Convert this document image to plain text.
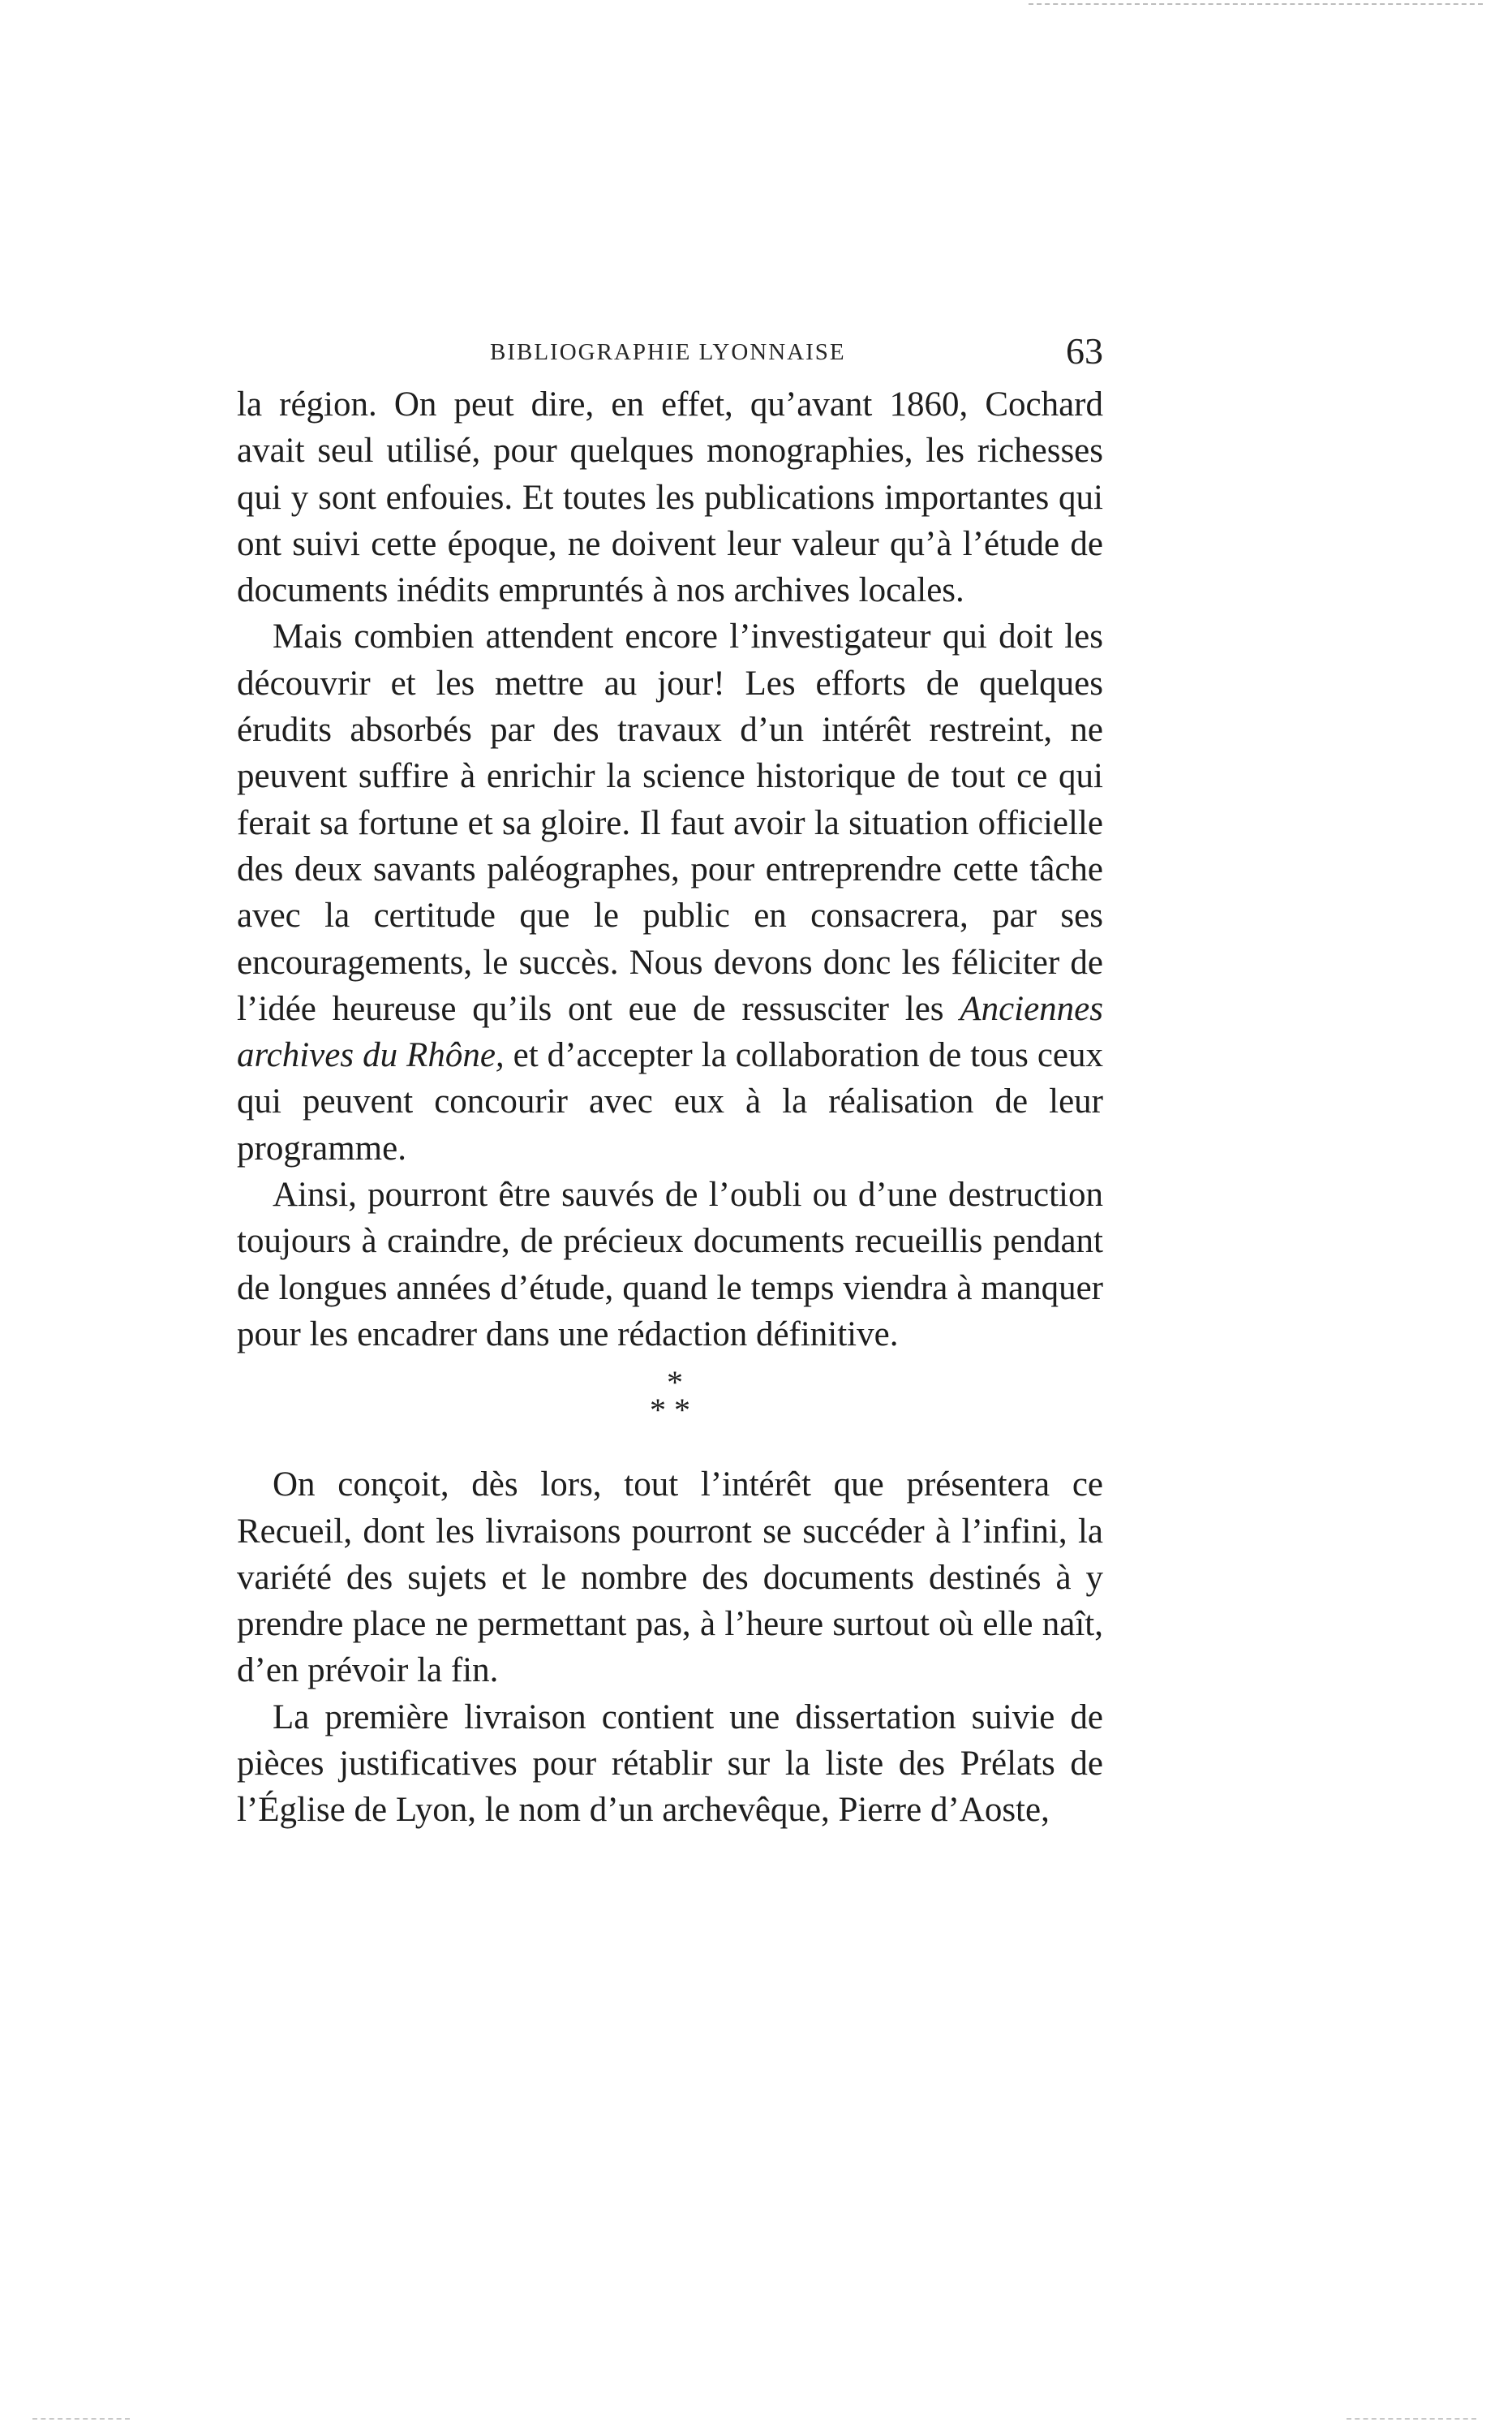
BIBLIOGRAPHIE LYONNAISE	63

la région. On peut dire, en effet, qu’avant 1860, Cochard avait seul utilisé, pour quelques monographies, les richesses qui y sont enfouies. Et toutes les publications importantes qui ont suivi cette époque, ne doivent leur valeur qu’à l’étude de documents inédits empruntés à nos archives locales.

Mais combien attendent encore l’investigateur qui doit les découvrir et les mettre au jour! Les efforts de quelques érudits absorbés par des travaux d’un intérêt restreint, ne peuvent suffire à enrichir la science historique de tout ce qui ferait sa fortune et sa gloire. Il faut avoir la situation officielle des deux savants paléographes, pour entreprendre cette tâche avec la certitude que le public en consacrera, par ses encouragements, le succès. Nous devons donc les féliciter de l’idée heureuse qu’ils ont eue de ressusciter les Anciennes archives du Rhône, et d’accepter la collaboration de tous ceux qui peuvent concourir avec eux à la réalisation de leur programme.

Ainsi, pourront être sauvés de l’oubli ou d’une destruction toujours à craindre, de précieux documents recueillis pendant de longues années d’étude, quand le temps viendra à manquer pour les encadrer dans une rédaction définitive.

*
* *

On conçoit, dès lors, tout l’intérêt que présentera ce Recueil, dont les livraisons pourront se succéder à l’infini, la variété des sujets et le nombre des documents destinés à y prendre place ne permettant pas, à l’heure surtout où elle naît, d’en prévoir la fin.

La première livraison contient une dissertation suivie de pièces justificatives pour rétablir sur la liste des Prélats de l’Église de Lyon, le nom d’un archevêque, Pierre d’Aoste,
